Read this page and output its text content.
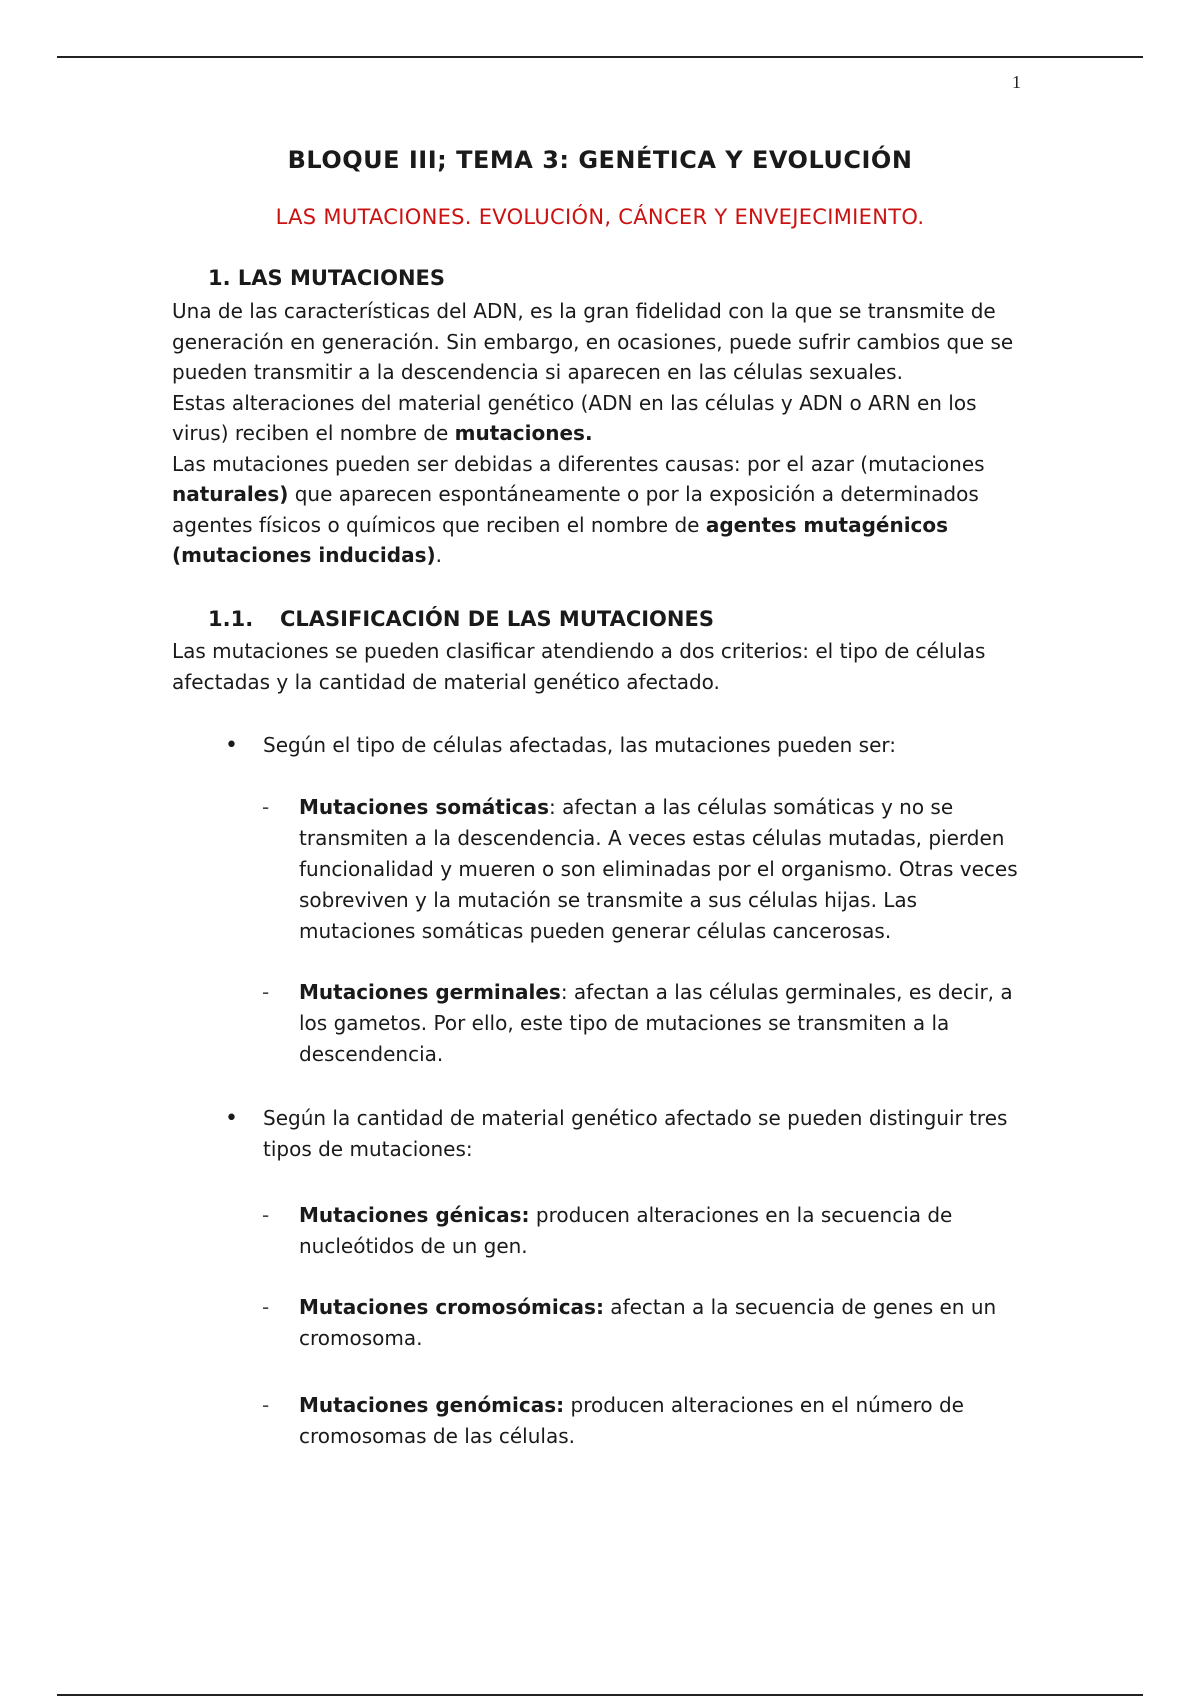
1
BLOQUE III; TEMA 3: GENÉTICA Y EVOLUCIÓN
LAS MUTACIONES. EVOLUCIÓN, CÁNCER Y ENVEJECIMIENTO.
1. LAS MUTACIONES

Una de las características del ADN, es la gran fidelidad con la que se transmite de generación en generación. Sin embargo, en ocasiones, puede sufrir cambios que se pueden transmitir a la descendencia si aparecen en las células sexuales.
Estas alteraciones del material genético (ADN en las células y ADN o ARN en los virus) reciben el nombre de mutaciones.
Las mutaciones pueden ser debidas a diferentes causas: por el azar (mutaciones naturales) que aparecen espontáneamente o por la exposición a determinados agentes físicos o químicos que reciben el nombre de agentes mutagénicos (mutaciones inducidas).

1.1. CLASIFICACIÓN DE LAS MUTACIONES

Las mutaciones se pueden clasificar atendiendo a dos criterios: el tipo de células afectadas y la cantidad de material genético afectado.

• Según el tipo de células afectadas, las mutaciones pueden ser:
- Mutaciones somáticas: afectan a las células somáticas y no se transmiten a la descendencia. A veces estas células mutadas, pierden funcionalidad y mueren o son eliminadas por el organismo. Otras veces sobreviven y la mutación se transmite a sus células hijas. Las mutaciones somáticas pueden generar células cancerosas.
- Mutaciones germinales: afectan a las células germinales, es decir, a los gametos. Por ello, este tipo de mutaciones se transmiten a la descendencia.
• Según la cantidad de material genético afectado se pueden distinguir tres tipos de mutaciones:
- Mutaciones génicas: producen alteraciones en la secuencia de nucleótidos de un gen.
- Mutaciones cromosómicas: afectan a la secuencia de genes en un cromosoma.
- Mutaciones genómicas: producen alteraciones en el número de cromosomas de las células.
